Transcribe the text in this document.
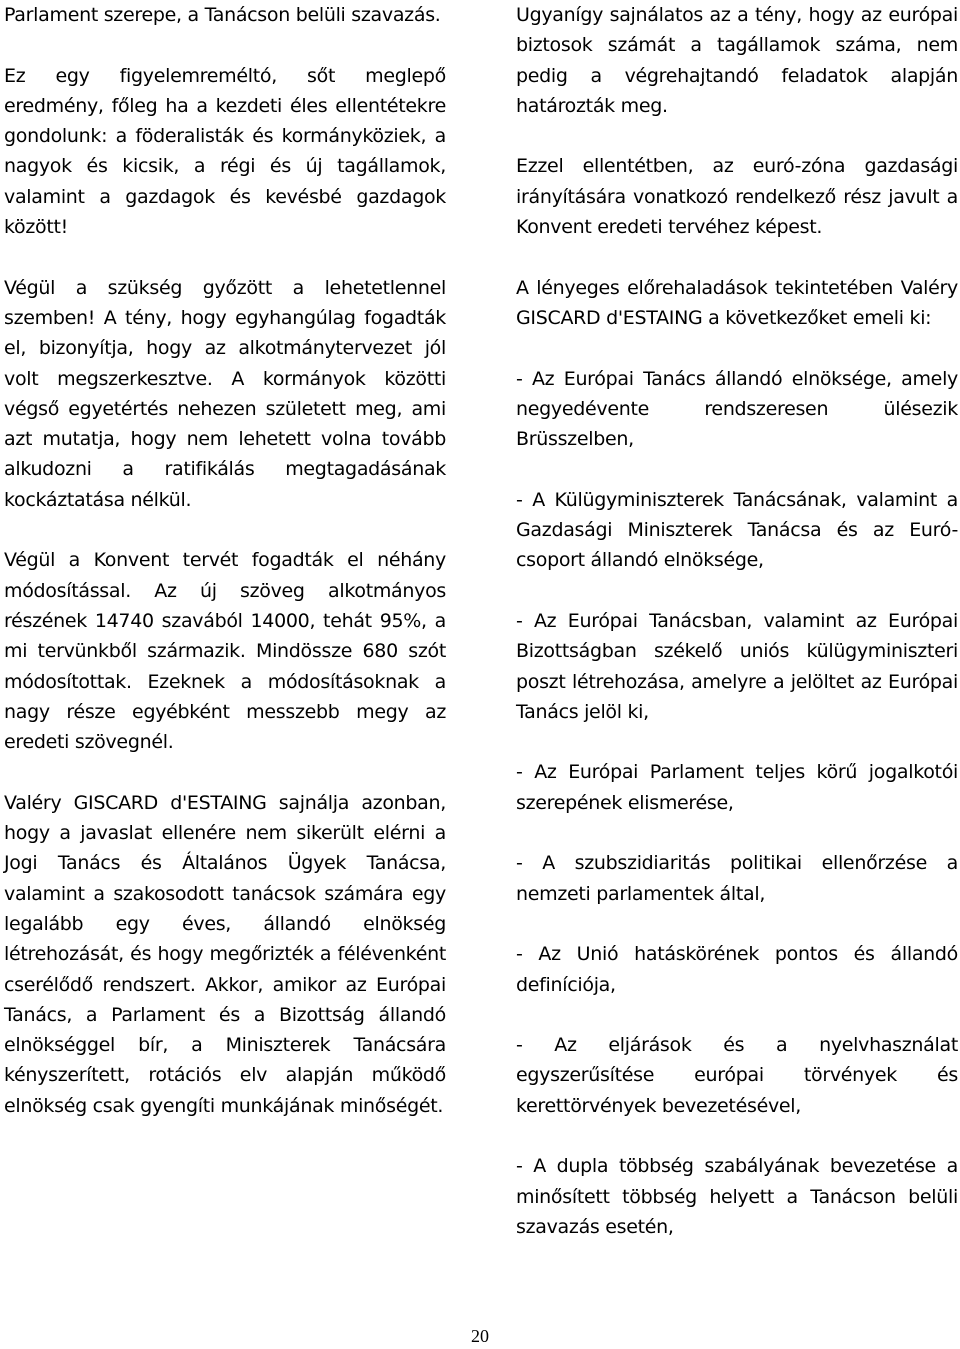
Parlament szerepe, a Tanácson belüli szavazás.

Ez egy figyelemreméltó, sőt meglepő eredmény, főleg ha a kezdeti éles ellentétekre gondolunk: a föderalisták és kormányköziek, a nagyok és kicsik, a régi és új tagállamok, valamint a gazdagok és kevésbé gazdagok között!

Végül a szükség győzött a lehetetlennel szemben! A tény, hogy egyhangúlag fogadták el, bizonyítja, hogy az alkotmánytervezet jól volt megszerkesztve. A kormányok közötti végső egyetértés nehezen született meg, ami azt mutatja, hogy nem lehetett volna tovább alkudozni a ratifikálás megtagadásának kockáztatása nélkül.

Végül a Konvent tervét fogadták el néhány módosítással. Az új szöveg alkotmányos részének 14740 szavából 14000, tehát 95%, a mi tervünkből származik. Mindössze 680 szót módosítottak. Ezeknek a módosításoknak a nagy része egyébként messzebb megy az eredeti szövegnél.

Valéry GISCARD d'ESTAING sajnálja azonban, hogy a javaslat ellenére nem sikerült elérni a Jogi Tanács és Általános Ügyek Tanácsa, valamint a szakosodott tanácsok számára egy legalább egy éves, állandó elnökség létrehozását, és hogy megőrizték a félévenként cserélődő rendszert. Akkor, amikor az Európai Tanács, a Parlament és a Bizottság állandó elnökséggel bír, a Miniszterek Tanácsára kényszerített, rotációs elv alapján működő elnökség csak gyengíti munkájának minőségét.

Ugyanígy sajnálatos az a tény, hogy az európai biztosok számát a tagállamok száma, nem pedig a végrehajtandó feladatok alapján határozták meg.

Ezzel ellentétben, az euró-zóna gazdasági irányítására vonatkozó rendelkező rész javult a Konvent eredeti tervéhez képest.

A lényeges előrehaladások tekintetében Valéry GISCARD d'ESTAING a következőket emeli ki:

- Az Európai Tanács állandó elnöksége, amely negyedévente rendszeresen ülésezik Brüsszelben,

- A Külügyminiszterek Tanácsának, valamint a Gazdasági Miniszterek Tanácsa és az Euró-csoport állandó elnöksége,

- Az Európai Tanácsban, valamint az Európai Bizottságban székelő uniós külügyminiszteri poszt létrehozása, amelyre a jelöltet az Európai Tanács jelöl ki,

- Az Európai Parlament teljes körű jogalkotói szerepének elismerése,

- A szubszidiaritás politikai ellenőrzése a nemzeti parlamentek által,

- Az Unió hatáskörének pontos és állandó definíciója,

- Az eljárások és a nyelvhasználat egyszerűsítése európai törvények és kerettörvények bevezetésével,

- A dupla többség szabályának bevezetése a minősített többség helyett a Tanácson belüli szavazás esetén,

20
